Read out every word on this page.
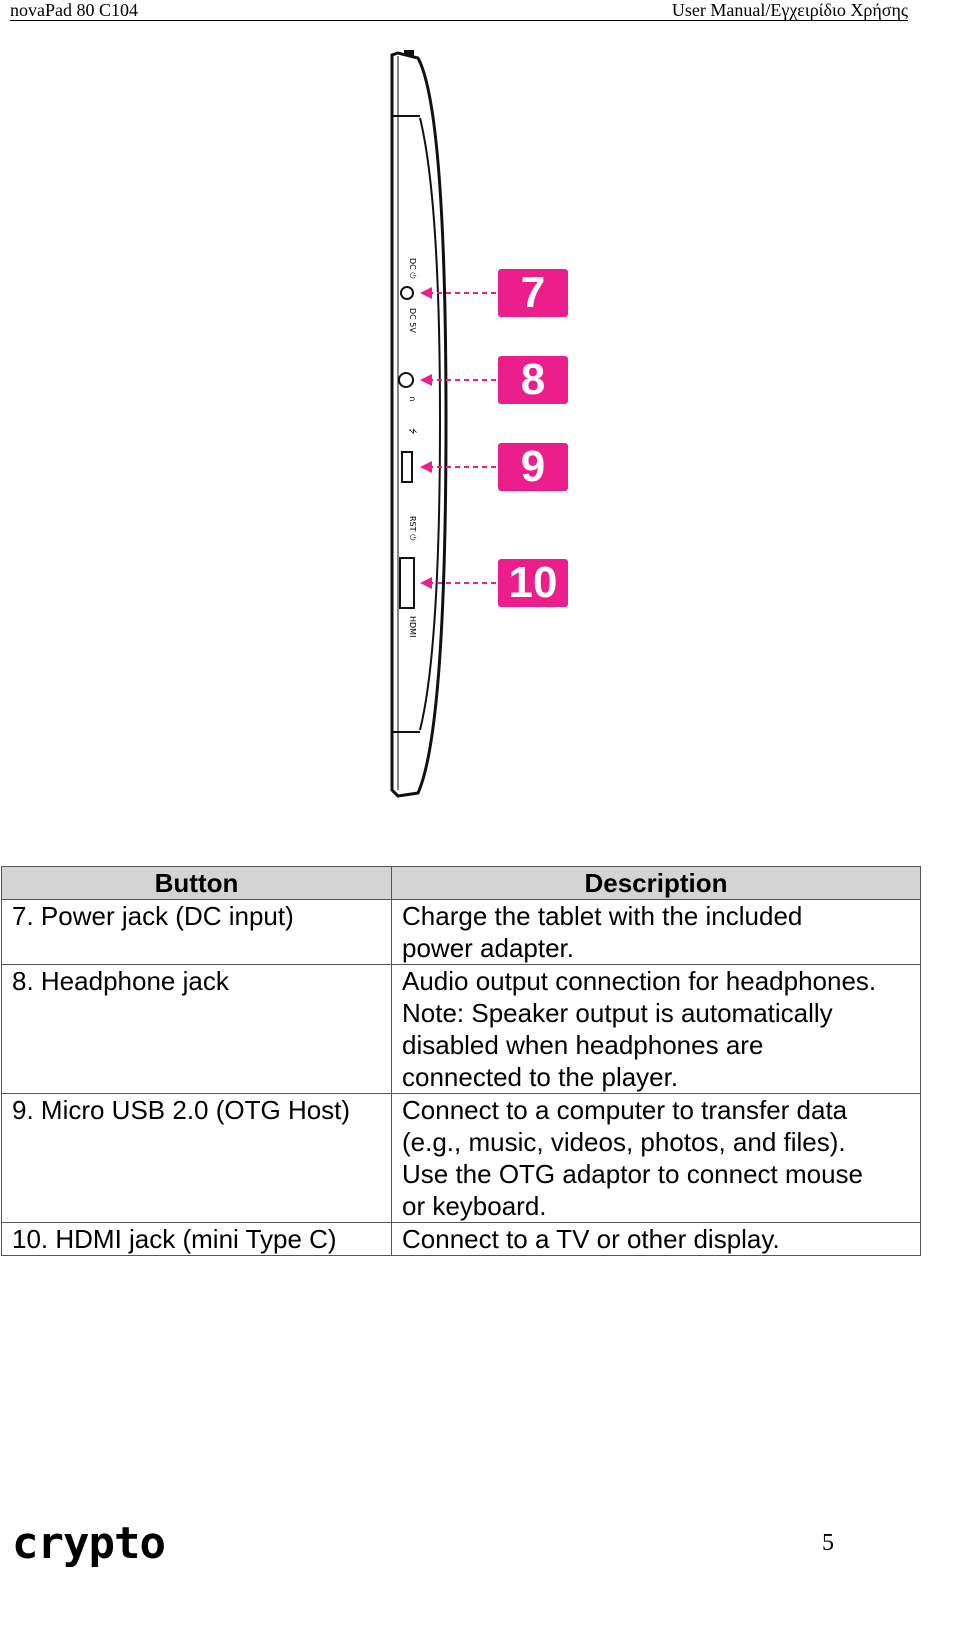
novaPad 80 C104	User Manual/Εγχειρίδιο Χρήσης
DC ⏻
DC 5V
∩
⭍
RST ⏻
HDMI
7
8
9
10
Button	Description
7. Power jack (DC input)	Charge the tablet with the included
power adapter.

8. Headphone jack	Audio output connection for headphones.
Note: Speaker output is automatically
disabled when headphones are
connected to the player.

9. Micro USB 2.0 (OTG Host)	Connect to a computer to transfer data
(e.g., music, videos, photos, and files).
Use the OTG adaptor to connect mouse
or keyboard.

10. HDMI jack (mini Type C)	Connect to a TV or other display.
crypto	5
